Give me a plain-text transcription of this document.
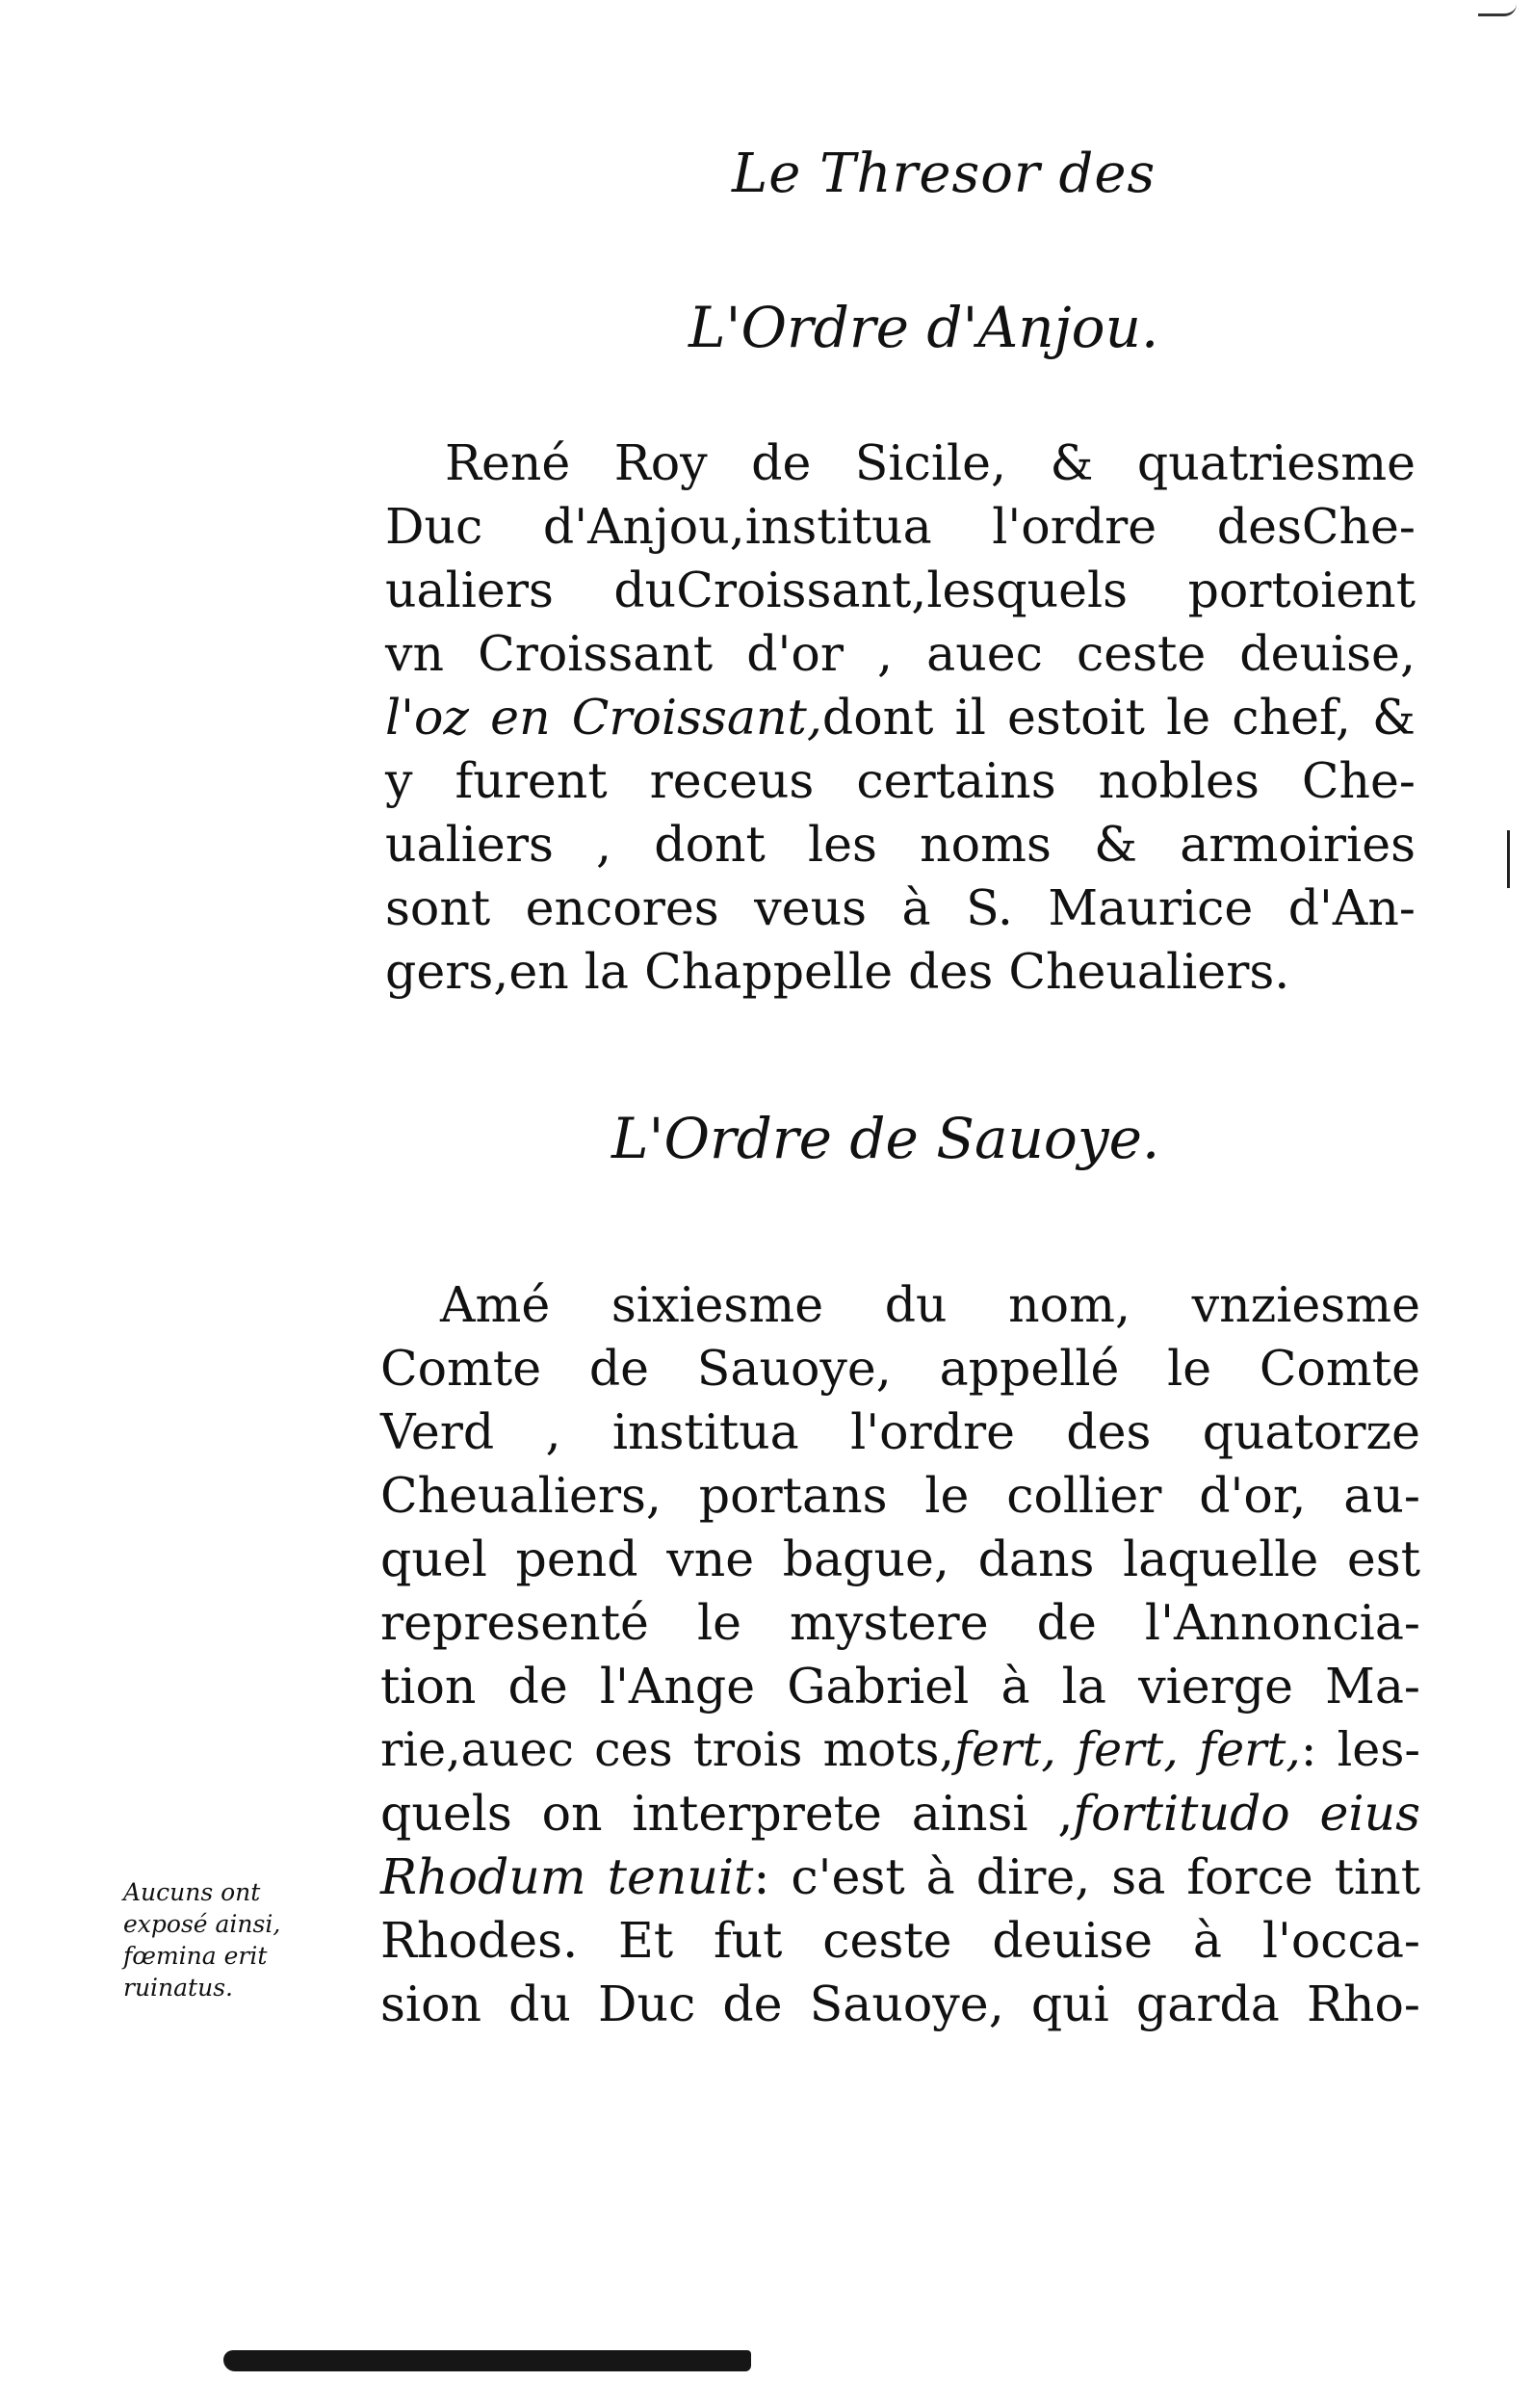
Le Thresor des
L'Ordre d'Anjou.
René Roy de Sicile, & quatriesme
Duc d'Anjou,institua l'ordre desChe-
ualiers duCroissant,lesquels portoient
vn Croissant d'or , auec ceste deuise,
l'oz en Croissant,dont il estoit le chef, &
y furent receus certains nobles Che-
ualiers , dont les noms & armoiries
sont encores veus à S. Maurice d'An-
gers,en la Chappelle des Cheualiers.
L'Ordre de Sauoye.
Amé sixiesme du nom, vnziesme
Comte de Sauoye, appellé le Comte
Verd , institua l'ordre des quatorze
Cheualiers, portans le collier d'or, au-
quel pend vne bague, dans laquelle est
representé le mystere de l'Annoncia-
tion de l'Ange Gabriel à la vierge Ma-
rie,auec ces trois mots,fert, fert, fert,: les-
quels on interprete ainsi ,fortitudo eius
Rhodum tenuit: c'est à dire, sa force tint
Rhodes. Et fut ceste deuise à l'occa-
sion du Duc de Sauoye, qui garda Rho-
Aucuns ont
exposé ainsi,
fœmina erit
ruinatus.
